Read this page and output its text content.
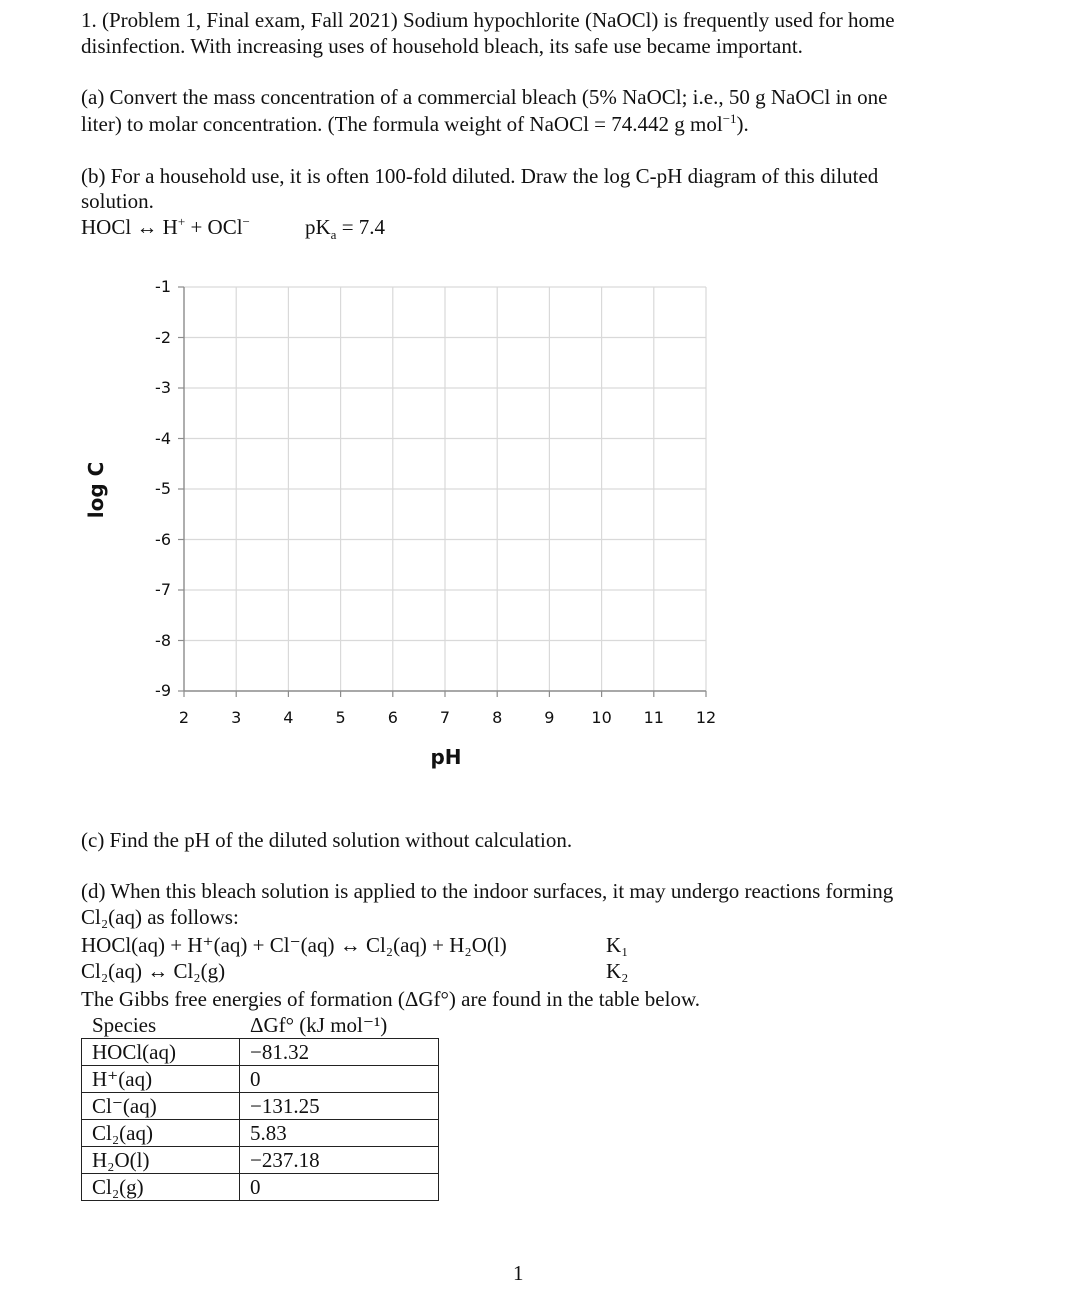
1. (Problem 1, Final exam, Fall 2021) Sodium hypochlorite (NaOCl) is frequently used for home
disinfection. With increasing uses of household bleach, its safe use became important.
(a) Convert the mass concentration of a commercial bleach (5% NaOCl; i.e., 50 g NaOCl in one
liter) to molar concentration. (The formula weight of NaOCl = 74.442 g mol$^{-1}$).
(b) For a household use, it is often 100-fold diluted. Draw the log C-pH diagram of this diluted
solution.
HOCl ↔ H+ + OCl−	$pK_a = 7.4$
-1
-2
-3
-4
-5
-6
-7
-8
-9
2	3	4	5	6	7	8	9	10	11	12
log C
pH
(c) Find the pH of the diluted solution without calculation.
(d) When this bleach solution is applied to the indoor surfaces, it may undergo reactions forming
Cl₂(aq) as follows:
HOCl(aq) + H⁺(aq) + Cl⁻(aq) ↔ Cl₂(aq) + H₂O(l)	K₁
Cl₂(aq) ↔ Cl₂(g)	K₂
The Gibbs free energies of formation (ΔGf°) are found in the table below.
Species	ΔGf° (kJ mol⁻¹)
HOCl(aq)	−81.32
H⁺(aq)	0
Cl⁻(aq)	−131.25
Cl₂(aq)	5.83
H₂O(l)	−237.18
Cl₂(g)	0
1
